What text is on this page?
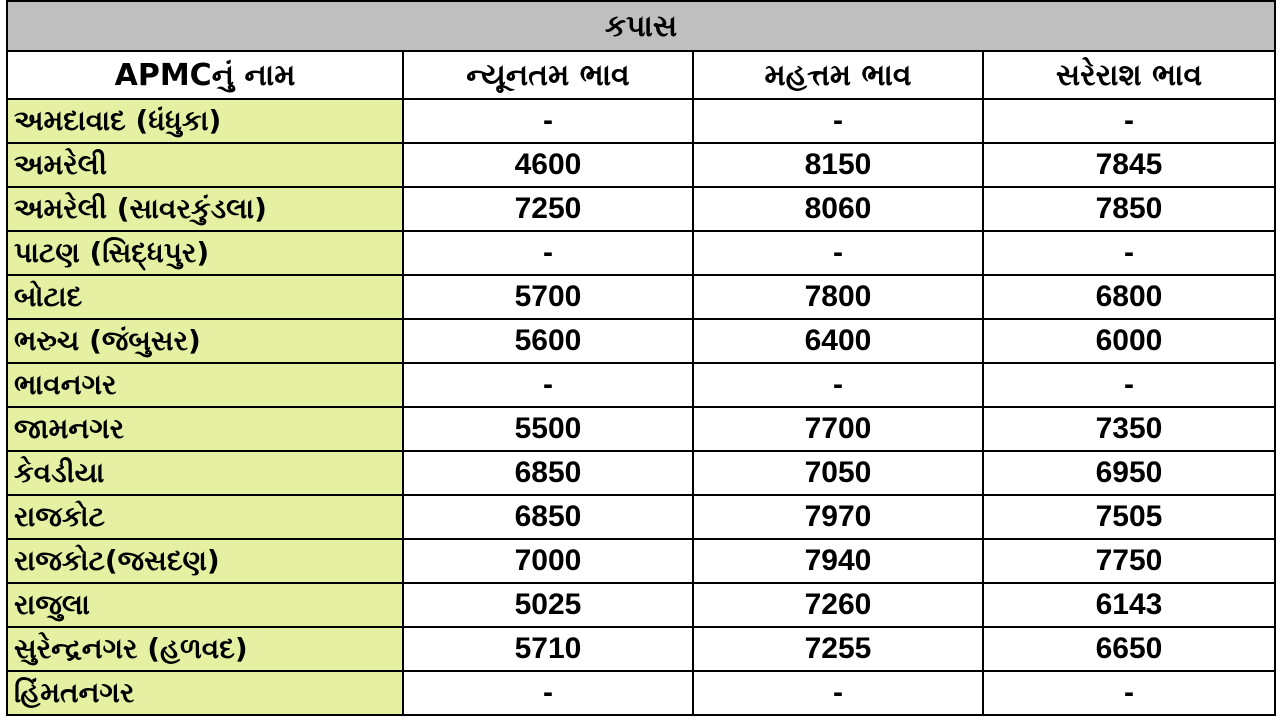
કપાસ			
APMCનું નામ	ન્યૂનતમ ભાવ	મહત્તમ ભાવ	સરેરાશ ભાવ
અમદાવાદ (ધંધુકા)	-	-	-
અમરેલી	4600	8150	7845
અમરેલી (સાવરકુંડલા)	7250	8060	7850
પાટણ (સિદ્ધપુર)	-	-	-
બોટાદ	5700	7800	6800
ભરુચ (જંબુસર)	5600	6400	6000
ભાવનગર	-	-	-
જામનગર	5500	7700	7350
કેવડીયા	6850	7050	6950
રાજકોટ	6850	7970	7505
રાજકોટ(જસદણ)	7000	7940	7750
રાજુલા	5025	7260	6143
સુરેન્દ્રનગર (હળવદ)	5710	7255	6650
હિંમતનગર	-	-	-
